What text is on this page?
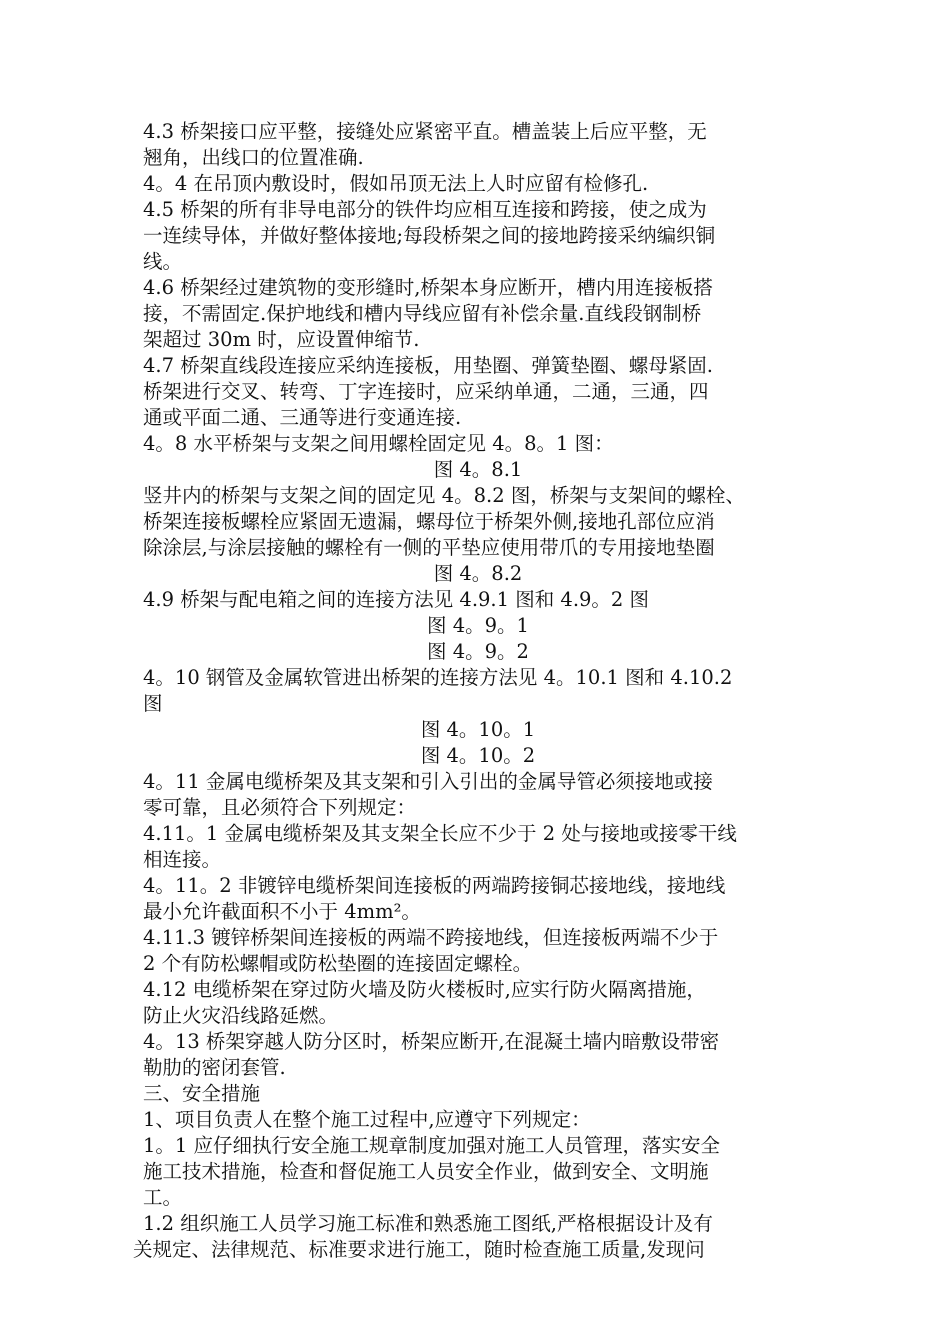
4.3 桥架接口应平整，接缝处应紧密平直。槽盖装上后应平整，无
翘角，出线口的位置准确.
4。4 在吊顶内敷设时，假如吊顶无法上人时应留有检修孔.
4.5 桥架的所有非导电部分的铁件均应相互连接和跨接，使之成为
一连续导体，并做好整体接地;每段桥架之间的接地跨接采纳编织铜
线。
4.6 桥架经过建筑物的变形缝时,桥架本身应断开，槽内用连接板搭
接，不需固定.保护地线和槽内导线应留有补偿余量.直线段钢制桥
架超过 30m 时，应设置伸缩节.
4.7 桥架直线段连接应采纳连接板，用垫圈、弹簧垫圈、螺母紧固.
桥架进行交叉、转弯、丁字连接时，应采纳单通，二通，三通，四
通或平面二通、三通等进行变通连接.
4。8 水平桥架与支架之间用螺栓固定见 4。8。1 图：
图 4。8.1
竖井内的桥架与支架之间的固定见 4。8.2 图，桥架与支架间的螺栓、
桥架连接板螺栓应紧固无遗漏，螺母位于桥架外侧,接地孔部位应消
除涂层,与涂层接触的螺栓有一侧的平垫应使用带爪的专用接地垫圈
图 4。8.2
4.9 桥架与配电箱之间的连接方法见 4.9.1 图和 4.9。2 图
图 4。9。1
图 4。9。2
4。10 钢管及金属软管进出桥架的连接方法见 4。10.1 图和 4.10.2
图
图 4。10。1
图 4。10。2
4。11 金属电缆桥架及其支架和引入引出的金属导管必须接地或接
零可靠，且必须符合下列规定：
4.11。1 金属电缆桥架及其支架全长应不少于 2 处与接地或接零干线
相连接。
4。11。2 非镀锌电缆桥架间连接板的两端跨接铜芯接地线，接地线
最小允许截面积不小于 4mm²。
4.11.3 镀锌桥架间连接板的两端不跨接地线，但连接板两端不少于
2 个有防松螺帽或防松垫圈的连接固定螺栓。
4.12 电缆桥架在穿过防火墙及防火楼板时,应实行防火隔离措施，
防止火灾沿线路延燃。
4。13 桥架穿越人防分区时，桥架应断开,在混凝土墙内暗敷设带密
勒肋的密闭套管.
三、安全措施
1、项目负责人在整个施工过程中,应遵守下列规定：
1。1 应仔细执行安全施工规章制度加强对施工人员管理，落实安全
施工技术措施，检查和督促施工人员安全作业，做到安全、文明施
工。
1.2 组织施工人员学习施工标准和熟悉施工图纸,严格根据设计及有
关规定、法律规范、标准要求进行施工，随时检查施工质量,发现问
